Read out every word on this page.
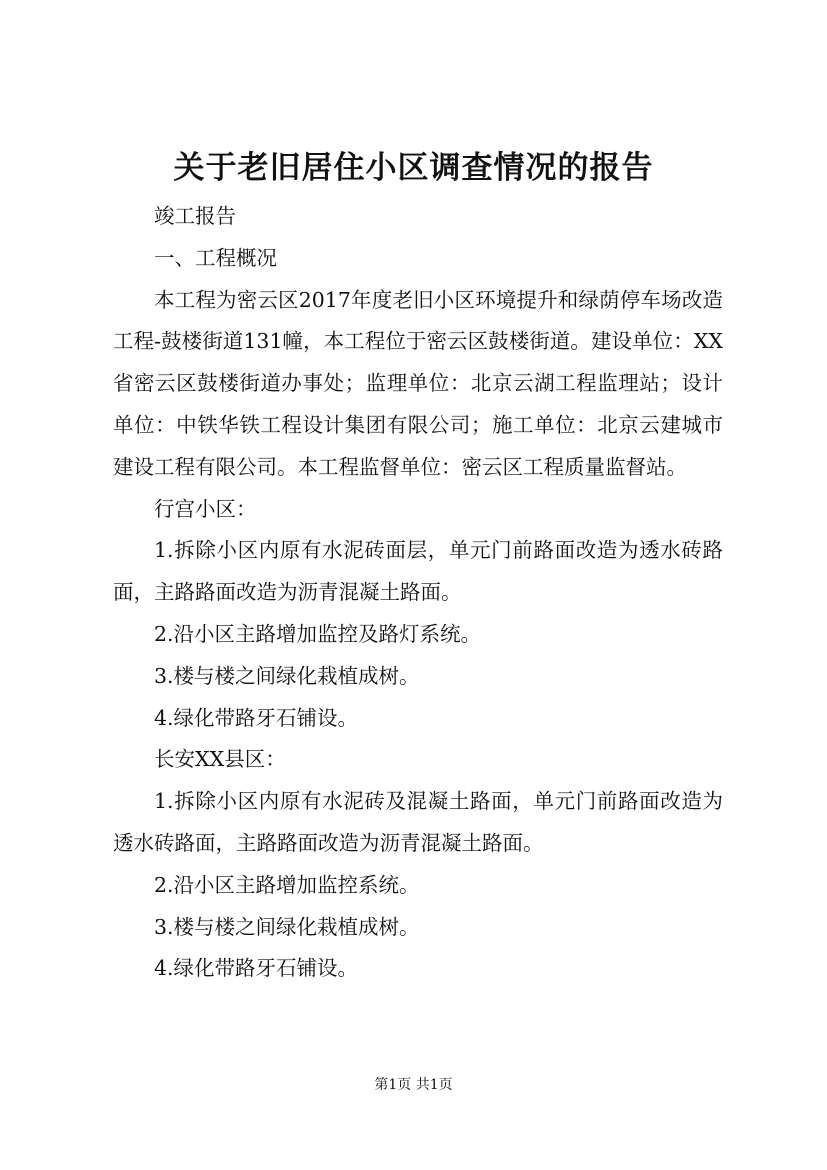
关于老旧居住小区调查情况的报告

竣工报告

一、工程概况

本工程为密云区2017年度老旧小区环境提升和绿荫停车场改造工程-鼓楼街道131幢，本工程位于密云区鼓楼街道。建设单位：XX省密云区鼓楼街道办事处；监理单位：北京云湖工程监理站；设计单位：中铁华铁工程设计集团有限公司；施工单位：北京云建城市建设工程有限公司。本工程监督单位：密云区工程质量监督站。

行宫小区：

1.拆除小区内原有水泥砖面层，单元门前路面改造为透水砖路面，主路路面改造为沥青混凝土路面。

2.沿小区主路增加监控及路灯系统。

3.楼与楼之间绿化栽植成树。

4.绿化带路牙石铺设。

长安XX县区：

1.拆除小区内原有水泥砖及混凝土路面，单元门前路面改造为透水砖路面，主路路面改造为沥青混凝土路面。

2.沿小区主路增加监控系统。

3.楼与楼之间绿化栽植成树。

4.绿化带路牙石铺设。

第1页 共1页
